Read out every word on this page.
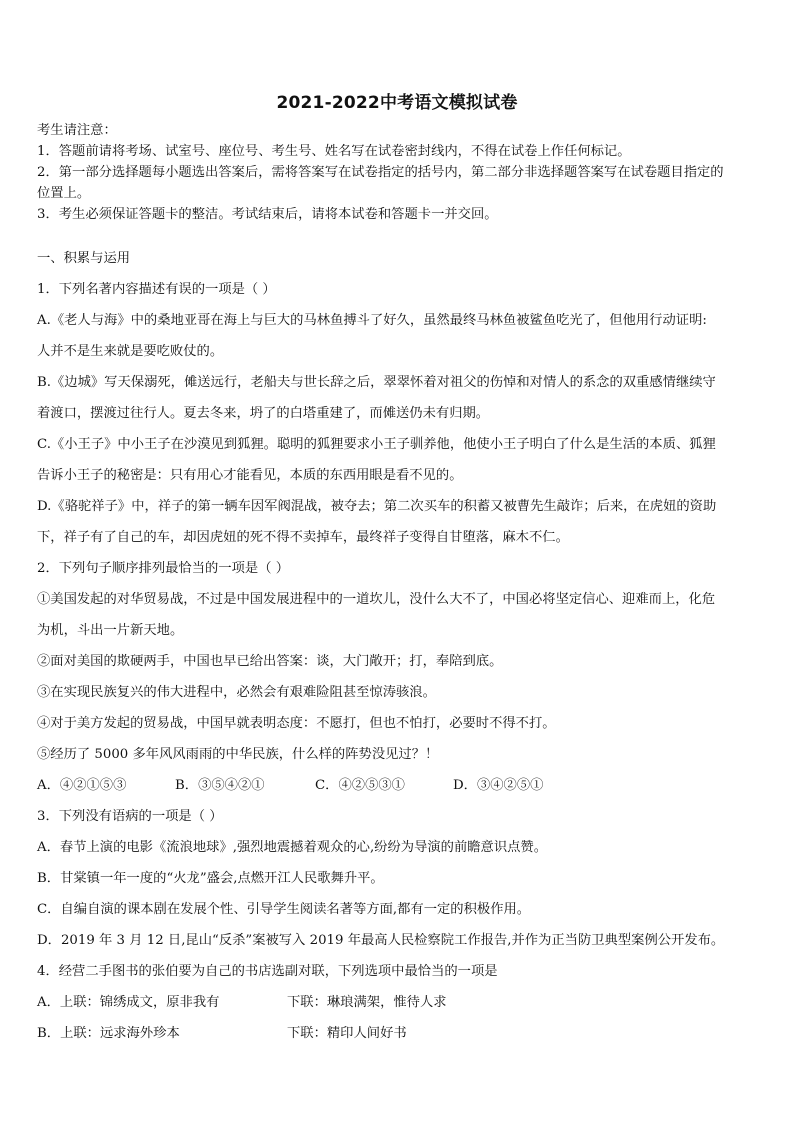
2021-2022中考语文模拟试卷

考生请注意：

1．答题前请将考场、试室号、座位号、考生号、姓名写在试卷密封线内，不得在试卷上作任何标记。

2．第一部分选择题每小题选出答案后，需将答案写在试卷指定的括号内，第二部分非选择题答案写在试卷题目指定的

位置上。

3．考生必须保证答题卡的整洁。考试结束后，请将本试卷和答题卡一并交回。

一、积累与运用

1．下列名著内容描述有误的一项是（ ）

A.《老人与海》中的桑地亚哥在海上与巨大的马林鱼搏斗了好久，虽然最终马林鱼被鲨鱼吃光了，但他用行动证明:

人并不是生来就是要吃败仗的。

B.《边城》写天保溺死，傩送远行，老船夫与世长辞之后，翠翠怀着对祖父的伤悼和对情人的系念的双重感情继续守

着渡口，摆渡过往行人。夏去冬来，坍了的白塔重建了，而傩送仍未有归期。

C.《小王子》中小王子在沙漠见到狐狸。聪明的狐狸要求小王子驯养他，他使小王子明白了什么是生活的本质、狐狸

告诉小王子的秘密是：只有用心才能看见，本质的东西用眼是看不见的。

D.《骆驼祥子》中，祥子的第一辆车因军阀混战，被夺去；第二次买车的积蓄又被曹先生敲诈；后来，在虎妞的资助

下，祥子有了自己的车，却因虎妞的死不得不卖掉车，最终祥子变得自甘堕落，麻木不仁。

2．下列句子顺序排列最恰当的一项是（ ）

①美国发起的对华贸易战，不过是中国发展进程中的一道坎儿，没什么大不了，中国必将坚定信心、迎难而上，化危

为机，斗出一片新天地。

②面对美国的欺硬两手，中国也早已给出答案：谈，大门敞开；打，奉陪到底。

③在实现民族复兴的伟大进程中，必然会有艰难险阻甚至惊涛骇浪。

④对于美方发起的贸易战，中国早就表明态度：不愿打，但也不怕打，必要时不得不打。

⑤经历了 5000 多年风风雨雨的中华民族，什么样的阵势没见过？！

A．④②①⑤③	B．③⑤④②①	C．④②⑤③①	D．③④②⑤①

3．下列没有语病的一项是（ ）

A．春节上演的电影《流浪地球》,强烈地震撼着观众的心,纷纷为导演的前瞻意识点赞。

B．甘棠镇一年一度的“火龙”盛会,点燃开江人民歌舞升平。

C．自编自演的课本剧在发展个性、引导学生阅读名著等方面,都有一定的积极作用。

D．2019 年 3 月 12 日,昆山“反杀”案被写入 2019 年最高人民检察院工作报告,并作为正当防卫典型案例公开发布。

4．经营二手图书的张伯要为自己的书店选副对联，下列选项中最恰当的一项是

A．上联：锦绣成文，原非我有	下联：琳琅满架，惟待人求
B．上联：远求海外珍本	下联：精印人间好书
